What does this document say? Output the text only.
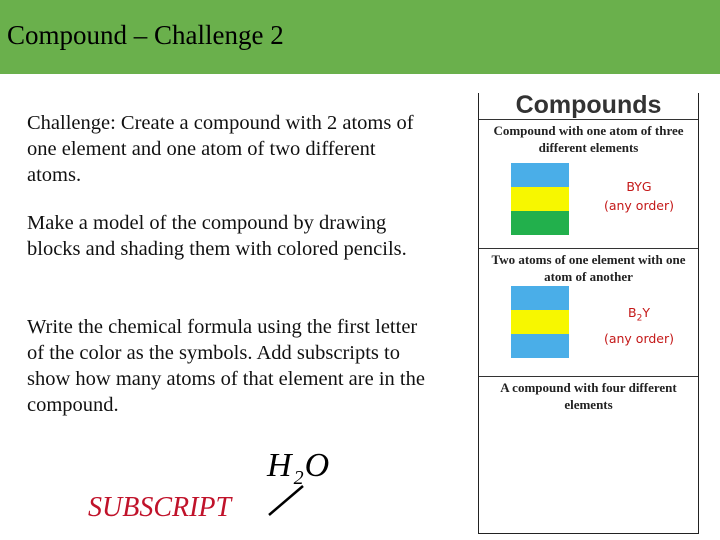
Compound – Challenge 2
Challenge: Create a compound with 2 atoms of one element and one atom of two different atoms.
Make a model of the compound by drawing blocks and shading them with colored pencils.
Write the chemical formula using the first letter of the color as the symbols. Add subscripts to show how many atoms of that element are in the compound.
H $_2$O
SUBSCRIPT
Compounds
Compound with one atom of three different elements
BYG
(any order)
Two atoms of one element with one atom of another
$B_2Y$
(any order)
A compound with four different elements
